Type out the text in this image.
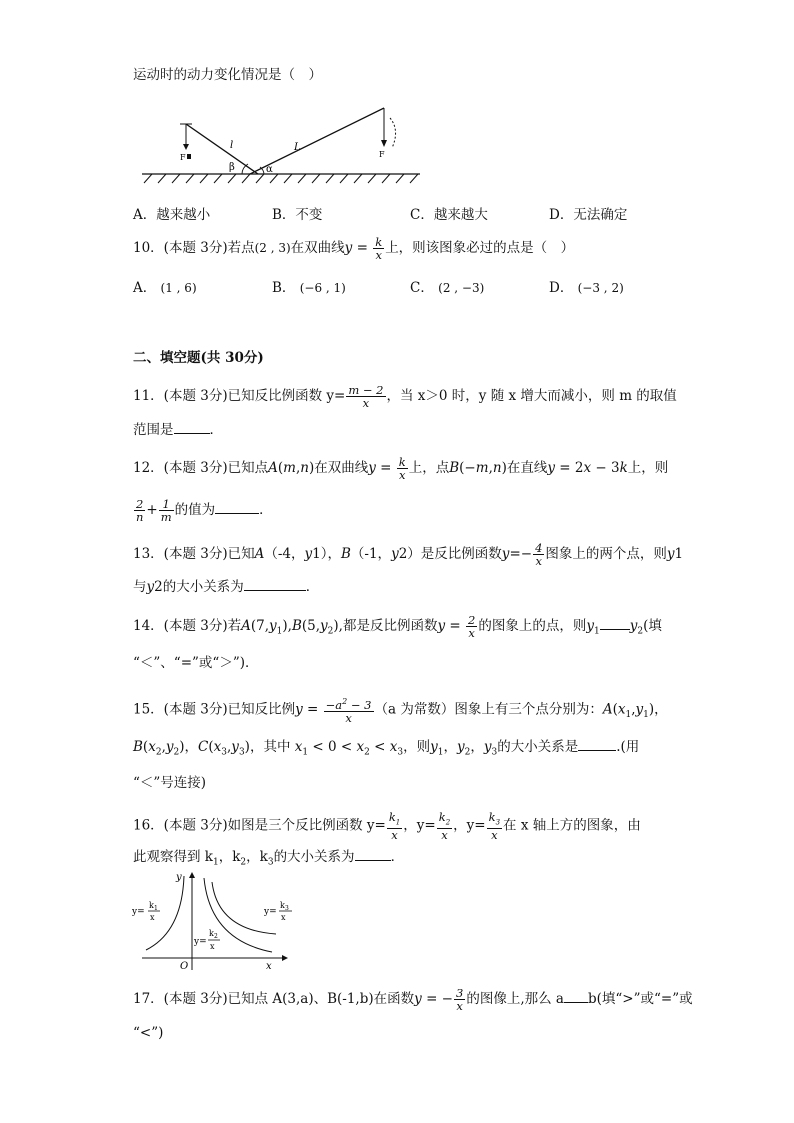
运动时的动力变化情况是（　）
F	F
l	L
β	α
A．越来越小	B．不变	C．越来越大	D．无法确定
10．(本题 3分)若点(2 , 3)在双曲线$y = \frac{k}{x}$ 上，则该图象必过的点是（　）
A． (1 , 6)	B． (−6 , 1)	C． (2 , −3)	D． (−3 , 2)
二、填空题(共 30分)
11．(本题 3分)已知反比例函数 $y= \frac{m - 2}{x}$ ，当 x＞0 时，y 随 x 增大而减小，则 m 的取值
范围是	．
12．(本题 3分)已知点A(m,n)在双曲线$y = \frac{k}{x}$ 上，点B(−m,n)在直线y = 2x − 3k上，则
$\frac{2}{n} + \frac{1}{m}$ 的值为	．
13．(本题 3分)已知A（-4，y1），B（-1，y2）是反比例函数$y=- \frac{4}{x}$ 图象上的两个点，则y1
与y2的大小关系为	．
14．(本题 3分)若$A(7,y_1),B(5,y_2)$,都是反比例函数$y = \frac{2}{x}$ 的图象上的点，则$y_1$ $y_2$(填
“＜”、“=”或“＞”)．
15．(本题 3分)已知反比例$y = \frac{-a^2 - 3}{x} (a$ 为常数）图象上有三个点分别为：$A(x_1,y_1)$，
$B(x_2,y_2)$，$C(x_3,y_3)$，其中 $x_1 < 0 < x_2 < x_3$，则$y_1$，$y_2$，$y_3$的大小关系是	.(用
“＜”号连接)
16．(本题 3分)如图是三个反比例函数 $y= \frac{k_1}{x}$ ，$y= \frac{k_2}{x}$ ，$y= \frac{k_3}{x}$ 在 x 轴上方的图象，由
此观察得到 $k_1$，$k_2$，$k_3$的大小关系为	．
y
x
O
y=
k 1
x
y=
k 2
x
y=
k 3
x
17．(本题 3分)已知点 A(3,a)、B(-1,b)在函数y = − $\frac{3}{x}$ 的图像上,那么 a b(填“>”或“=”或
“<”)
